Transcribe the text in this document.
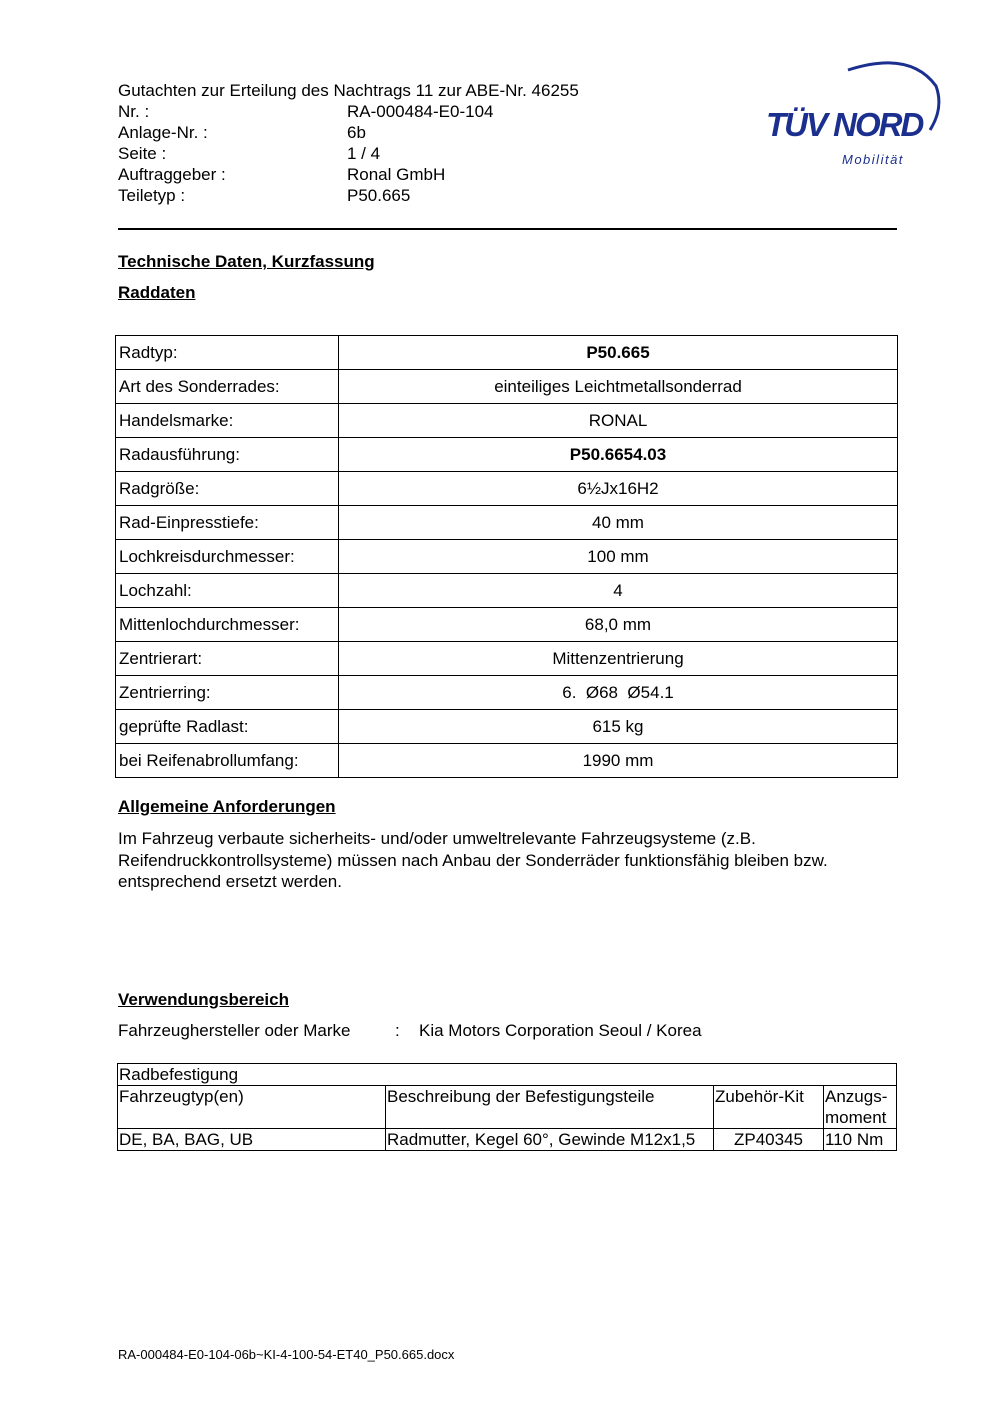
Gutachten zur Erteilung des Nachtrags 11 zur ABE-Nr. 46255
Nr. :	RA-000484-E0-104
Anlage-Nr. :	6b
Seite :	1 / 4
Auftraggeber :	Ronal GmbH
Teiletyp :	P50.665
TÜV NORD
Mobilität
Technische Daten, Kurzfassung
Raddaten
Radtyp:	P50.665
Art des Sonderrades:	einteiliges Leichtmetallsonderrad
Handelsmarke:	RONAL
Radausführung:	P50.6654.03
Radgröße:	6½Jx16H2
Rad-Einpresstiefe:	40 mm
Lochkreisdurchmesser:	100 mm
Lochzahl:	4
Mittenlochdurchmesser:	68,0 mm
Zentrierart:	Mittenzentrierung
Zentrierring:	6.  Ø68  Ø54.1
geprüfte Radlast:	615 kg
bei Reifenabrollumfang:	1990 mm
Allgemeine Anforderungen
Im Fahrzeug verbaute sicherheits- und/oder umweltrelevante Fahrzeugsysteme (z.B. Reifendruckkontrollsysteme) müssen nach Anbau der Sonderräder funktionsfähig bleiben bzw. entsprechend ersetzt werden.
Verwendungsbereich
Fahrzeughersteller oder Marke	: Kia Motors Corporation Seoul / Korea
Radbefestigung			
Fahrzeugtyp(en)	Beschreibung der Befestigungsteile	Zubehör-Kit	Anzugs-
moment
DE, BA, BAG, UB	Radmutter, Kegel 60°, Gewinde M12x1,5	ZP40345	110 Nm
RA-000484-E0-104-06b~KI-4-100-54-ET40_P50.665.docx
